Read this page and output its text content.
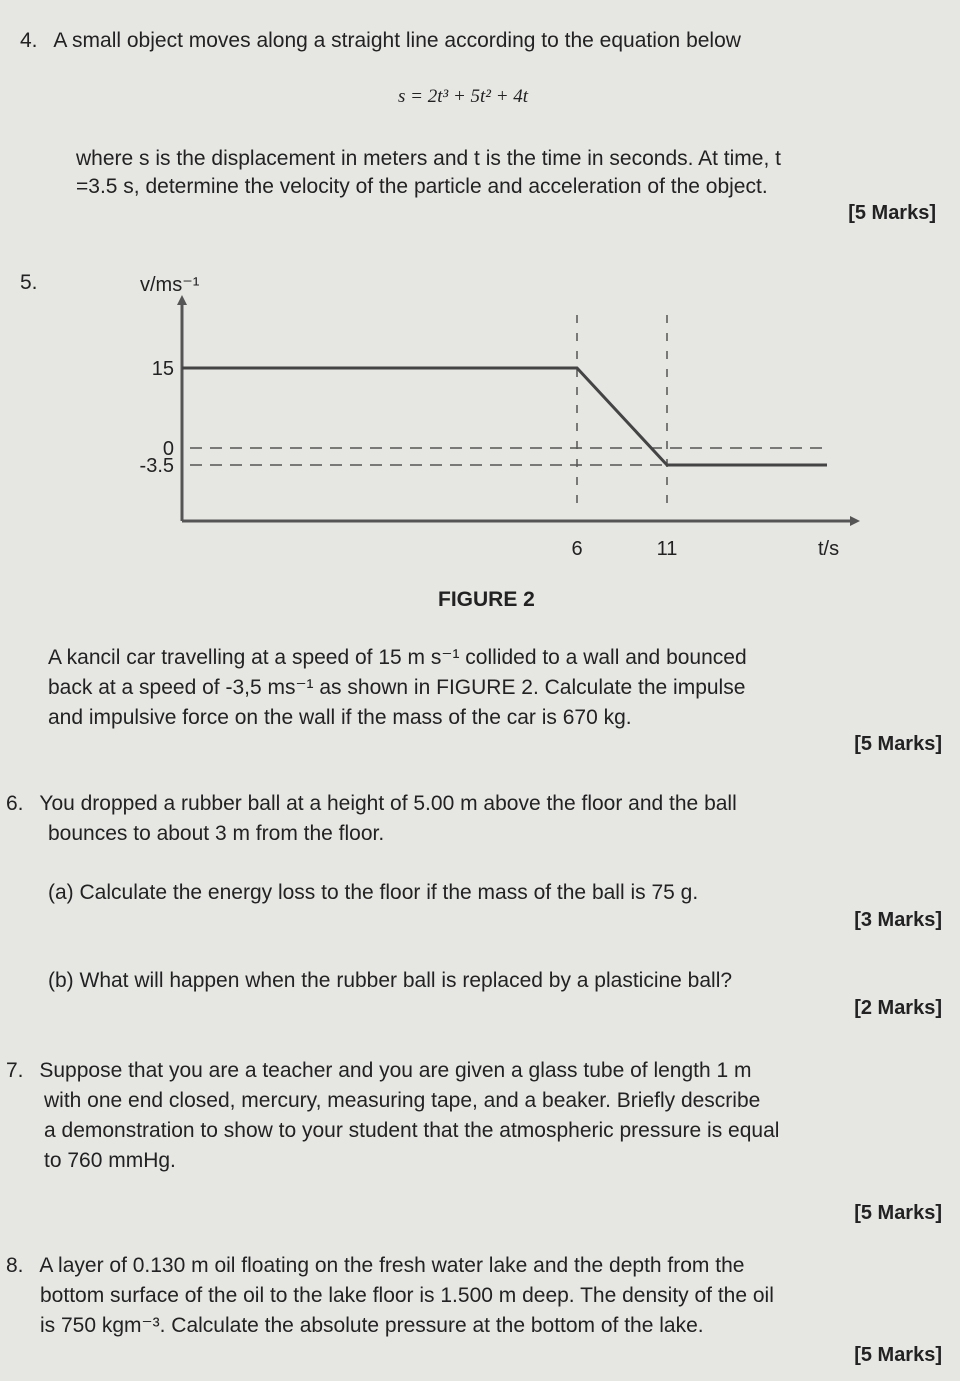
4. A small object moves along a straight line according to the equation below
s = 2t³ + 5t² + 4t
where s is the displacement in meters and t is the time in seconds. At time, t
=3.5 s, determine the velocity of the particle and acceleration of the object.
[5 Marks]
5.	v/ms⁻¹
t/s
15
0
-3.5
6	11
FIGURE 2
A kancil car travelling at a speed of 15 m s⁻¹ collided to a wall and bounced
back at a speed of -3,5 ms⁻¹ as shown in FIGURE 2. Calculate the impulse
and impulsive force on the wall if the mass of the car is 670 kg.
[5 Marks]
6. You dropped a rubber ball at a height of 5.00 m above the floor and the ball
bounces to about 3 m from the floor.
(a) Calculate the energy loss to the floor if the mass of the ball is 75 g.
[3 Marks]
(b) What will happen when the rubber ball is replaced by a plasticine ball?
[2 Marks]
7. Suppose that you are a teacher and you are given a glass tube of length 1 m
with one end closed, mercury, measuring tape, and a beaker. Briefly describe
a demonstration to show to your student that the atmospheric pressure is equal
to 760 mmHg.
[5 Marks]
8. A layer of 0.130 m oil floating on the fresh water lake and the depth from the
bottom surface of the oil to the lake floor is 1.500 m deep. The density of the oil
is 750 kgm⁻³. Calculate the absolute pressure at the bottom of the lake.
[5 Marks]
